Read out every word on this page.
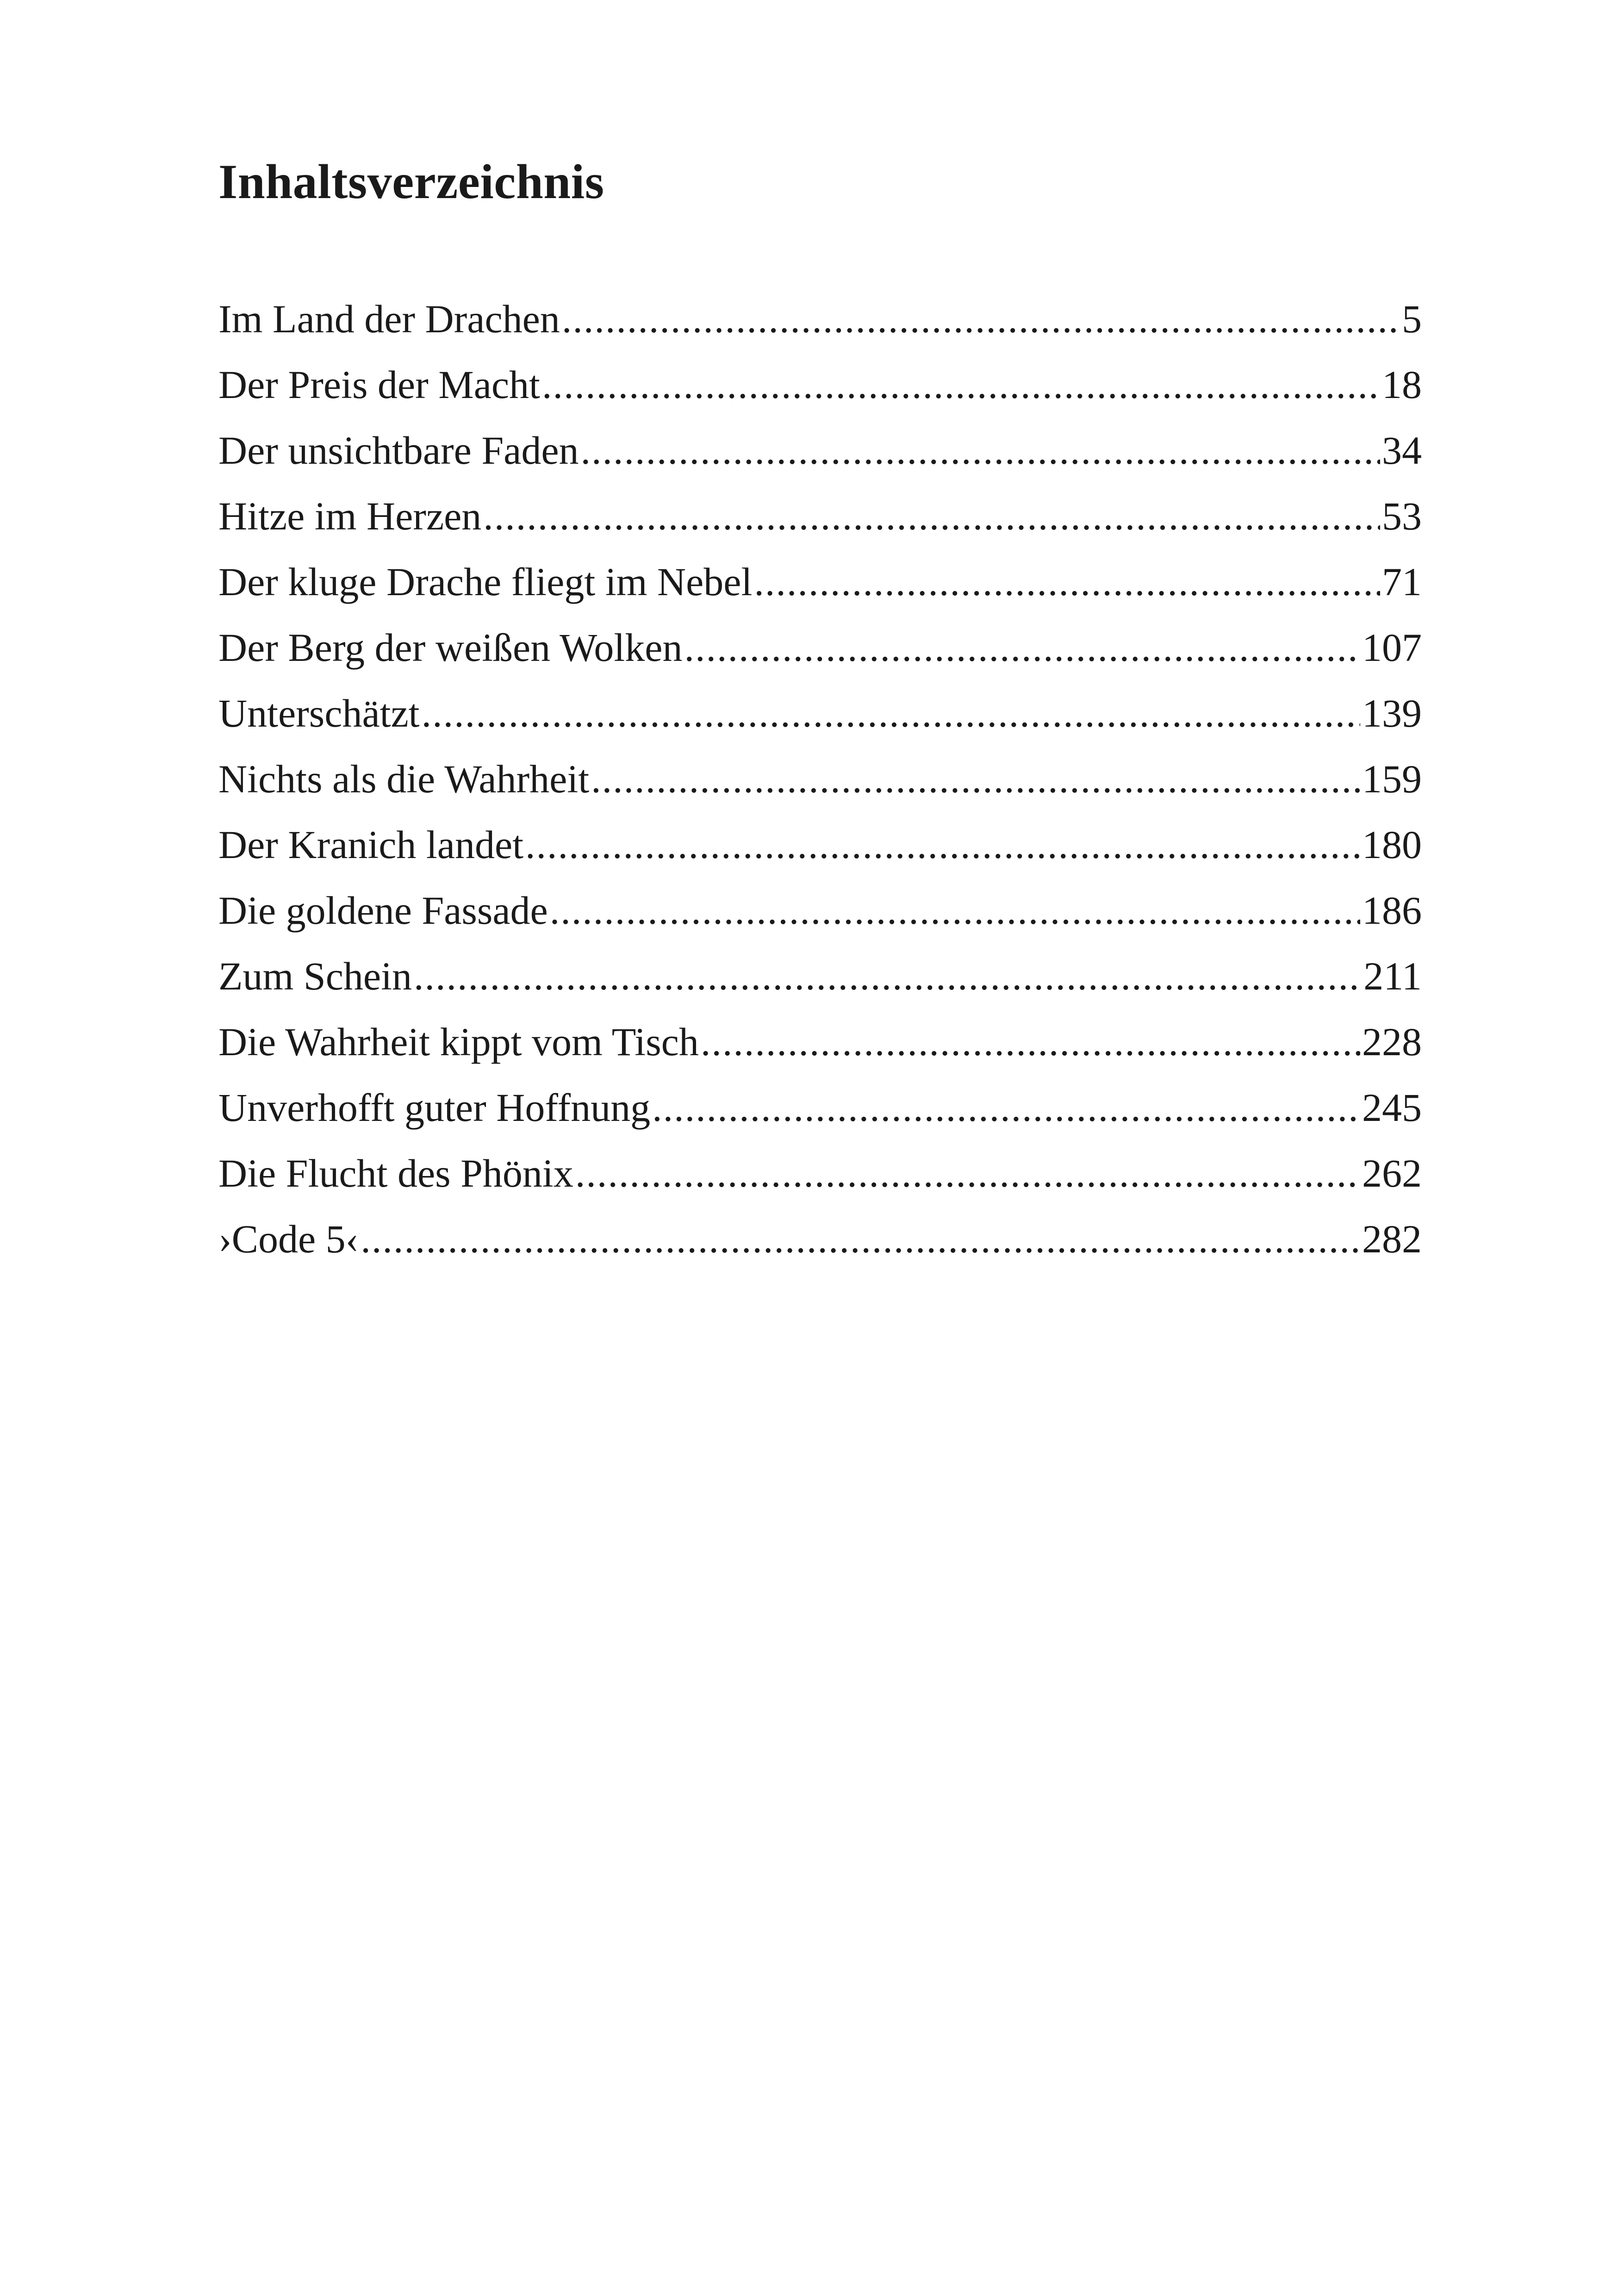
Inhaltsverzeichnis
Im Land der Drachen .....	5
Der Preis der Macht .....	18
Der unsichtbare Faden .....	34
Hitze im Herzen .....	53
Der kluge Drache fliegt im Nebel .....	71
Der Berg der weißen Wolken .....	107
Unterschätzt .....	139
Nichts als die Wahrheit .....	159
Der Kranich landet .....	180
Die goldene Fassade .....	186
Zum Schein .....	211
Die Wahrheit kippt vom Tisch .....	228
Unverhofft guter Hoffnung .....	245
Die Flucht des Phönix .....	262
›Code 5‹ .....	282
